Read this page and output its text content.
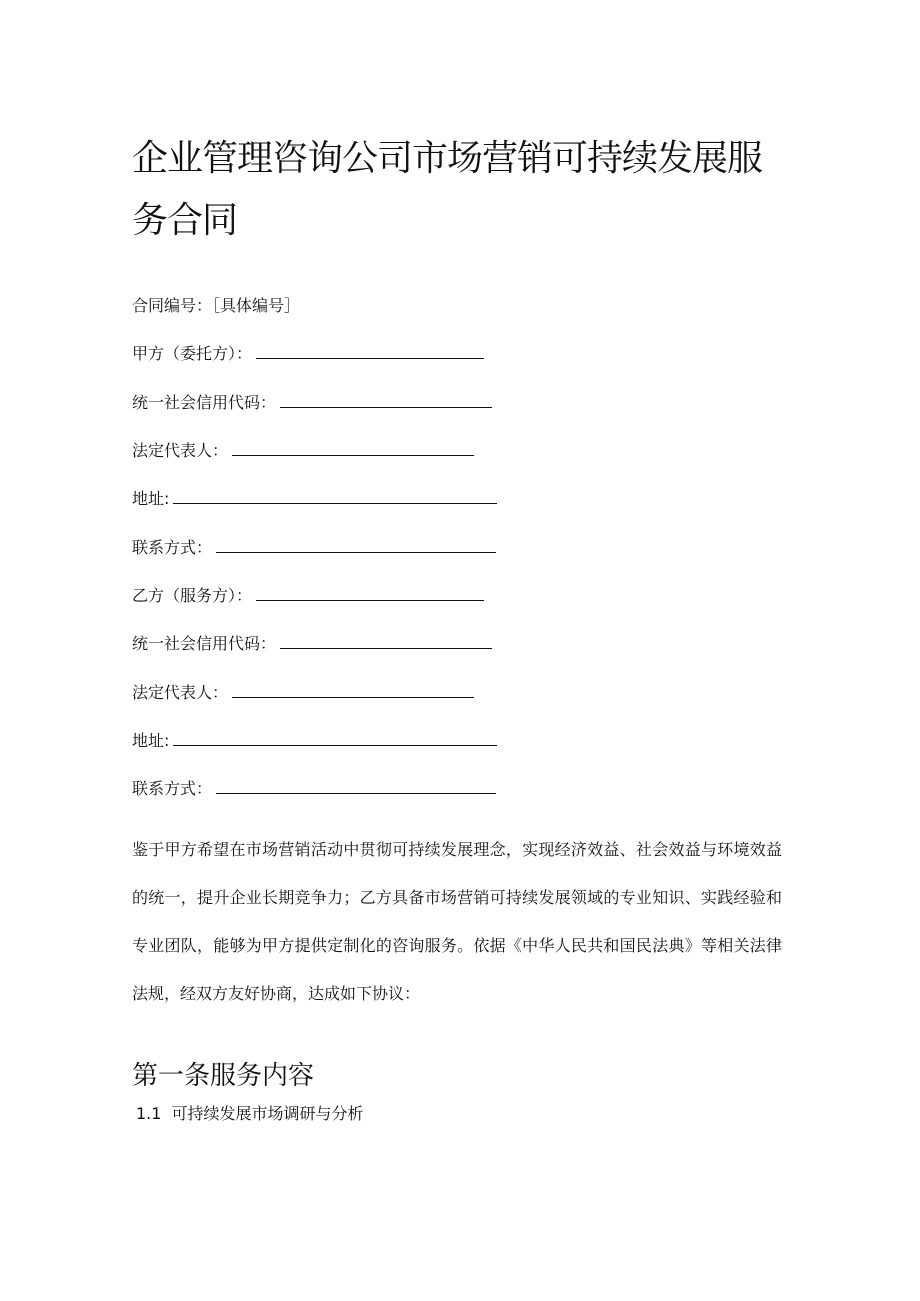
企业管理咨询公司市场营销可持续发展服
务合同
合同编号：［具体编号］
甲方（委托方）：
统一社会信用代码：
法定代表人：
地址:
联系方式：
乙方（服务方）：
统一社会信用代码：
法定代表人：
地址:
联系方式：

鉴于甲方希望在市场营销活动中贯彻可持续发展理念，实现经济效益、社会效益与环境效益的统一，提升企业长期竞争力；乙方具备市场营销可持续发展领域的专业知识、实践经验和专业团队，能够为甲方提供定制化的咨询服务。依据《中华人民共和国民法典》等相关法律法规，经双方友好协商，达成如下协议：

第一条服务内容
1.1 可持续发展市场调研与分析
